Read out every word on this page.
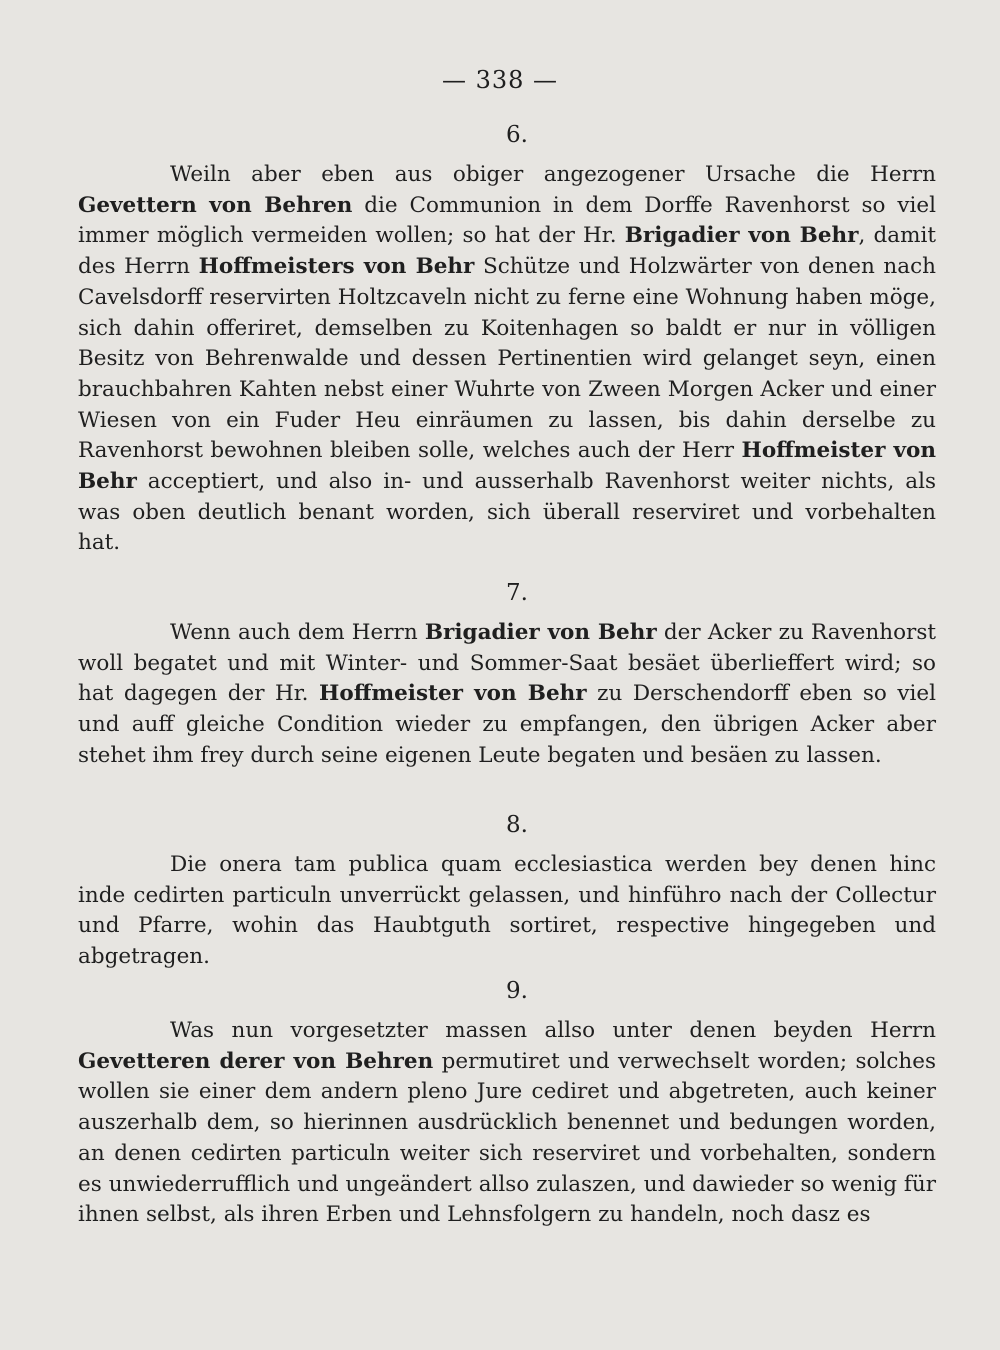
— 338 —
6.

Weiln aber eben aus obiger angezogener Ursache die Herrn Gevettern von Behren die Communion in dem Dorffe Ravenhorst so viel immer möglich vermeiden wollen; so hat der Hr. Brigadier von Behr, damit des Herrn Hoffmeisters von Behr Schütze und Holzwärter von denen nach Cavelsdorff reservirten Holtzcaveln nicht zu ferne eine Wohnung haben möge, sich dahin offeriret, demselben zu Koitenhagen so baldt er nur in völligen Besitz von Behrenwalde und dessen Pertinentien wird gelanget seyn, einen brauchbahren Kahten nebst einer Wuhrte von Zween Morgen Acker und einer Wiesen von ein Fuder Heu einräumen zu lassen, bis dahin derselbe zu Ravenhorst bewohnen bleiben solle, welches auch der Herr Hoffmeister von Behr acceptiert, und also in- und ausserhalb Ravenhorst weiter nichts, als was oben deutlich benant worden, sich überall reserviret und vorbehalten hat.

7.

Wenn auch dem Herrn Brigadier von Behr der Acker zu Ravenhorst woll begatet und mit Winter- und Sommer-Saat besäet überlieffert wird; so hat dagegen der Hr. Hoffmeister von Behr zu Derschendorff eben so viel und auff gleiche Condition wieder zu empfangen, den übrigen Acker aber stehet ihm frey durch seine eigenen Leute begaten und besäen zu lassen.

8.

Die onera tam publica quam ecclesiastica werden bey denen hinc inde cedirten particuln unverrückt gelassen, und hinführo nach der Collectur und Pfarre, wohin das Haubtguth sortiret, respective hingegeben und abgetragen.

9.

Was nun vorgesetzter massen allso unter denen beyden Herrn Gevetteren derer von Behren permutiret und verwechselt worden; solches wollen sie einer dem andern pleno Jure cediret und abgetreten, auch keiner auszerhalb dem, so hierinnen ausdrücklich benennet und bedungen worden, an denen cedirten particuln weiter sich reserviret und vorbehalten, sondern es unwiederrufflich und ungeändert allso zulaszen, und dawieder so wenig für ihnen selbst, als ihren Erben und Lehnsfolgern zu handeln, noch dasz es
